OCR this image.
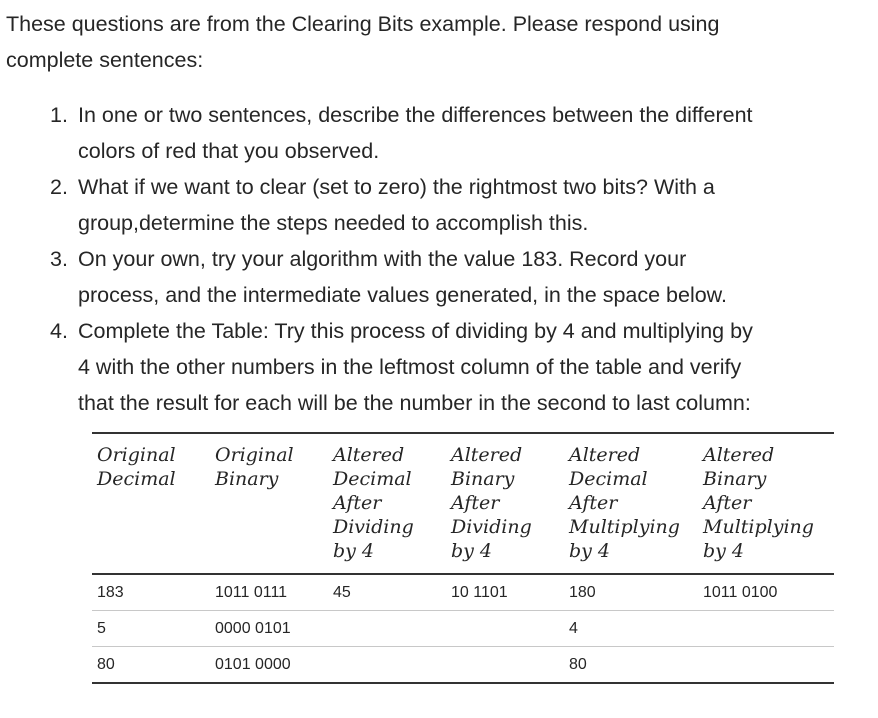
These questions are from the Clearing Bits example. Please respond using
complete sentences:

1. In one or two sentences, describe the differences between the different
colors of red that you observed.
2. What if we want to clear (set to zero) the rightmost two bits? With a
group,determine the steps needed to accomplish this.
3. On your own, try your algorithm with the value 183. Record your
process, and the intermediate values generated, in the space below.
4. Complete the Table: Try this process of dividing by 4 and multiplying by
4 with the other numbers in the leftmost column of the table and verify
that the result for each will be the number in the second to last column:
Original
Decimal	Original
Binary	Altered
Decimal
After
Dividing
by 4	Altered
Binary
After
Dividing
by 4	Altered
Decimal
After
Multiplying
by 4	Altered
Binary
After
Multiplying
by 4

183	1011 0111	45	10 1101	180	1011 0100
5	0000 0101			4	
80	0101 0000			80	
